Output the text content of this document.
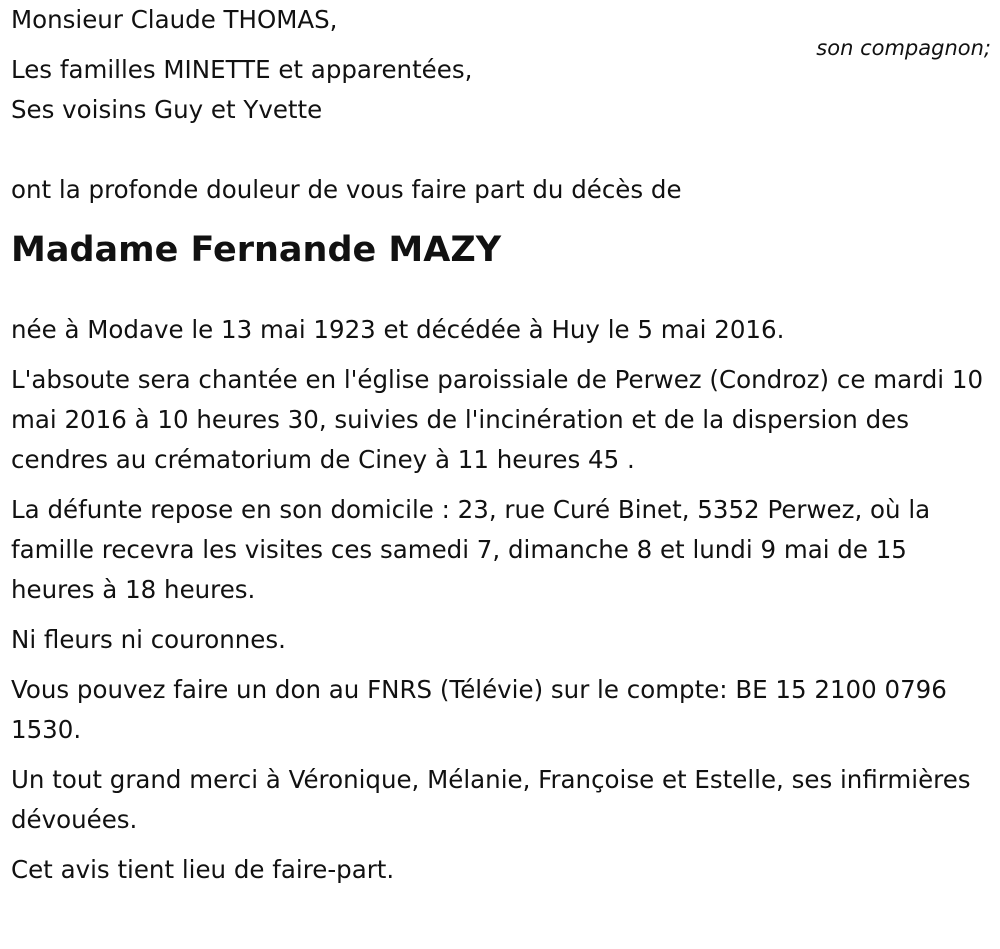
Monsieur Claude THOMAS,
son compagnon;

Les familles MINETTE et apparentées,

Ses voisins Guy et Yvette

ont la profonde douleur de vous faire part du décès de

Madame Fernande MAZY

née à Modave le 13 mai 1923 et décédée à Huy le 5 mai 2016.

L'absoute sera chantée en l'église paroissiale de Perwez (Condroz) ce mardi 10 mai 2016 à 10 heures 30, suivies de l'incinération et de la dispersion des cendres au crématorium de Ciney à 11 heures 45 .

La défunte repose en son domicile : 23, rue Curé Binet, 5352 Perwez, où la famille recevra les visites ces samedi 7, dimanche 8 et lundi 9 mai de 15 heures à 18 heures.

Ni fleurs ni couronnes.

Vous pouvez faire un don au FNRS (Télévie) sur le compte: BE 15 2100 0796 1530.

Un tout grand merci à Véronique, Mélanie, Françoise et Estelle, ses infirmières dévouées.

Cet avis tient lieu de faire-part.
